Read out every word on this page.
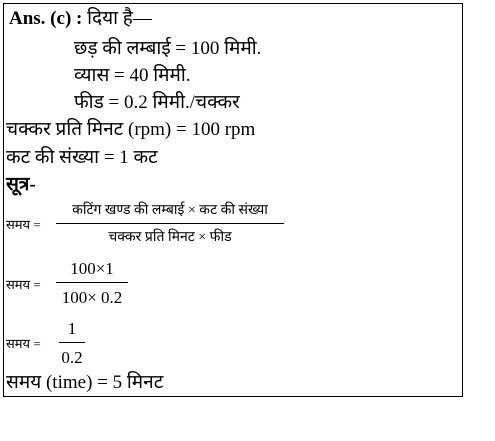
Ans. (c) : दिया है—
छड़ की लम्बाई = 100 मिमी.
व्यास = 40 मिमी.
फीड = 0.2 मिमी./चक्कर
चक्कर प्रति मिनट (rpm) = 100 rpm
कट की संख्या = 1 कट
सूत्र-
समय =
कटिंग खण्ड की लम्बाई × कट की संख्या
चक्कर प्रति मिनट × फीड
समय =
100×1
100× 0.2
समय =
1
0.2
समय (time) = 5 मिनट
